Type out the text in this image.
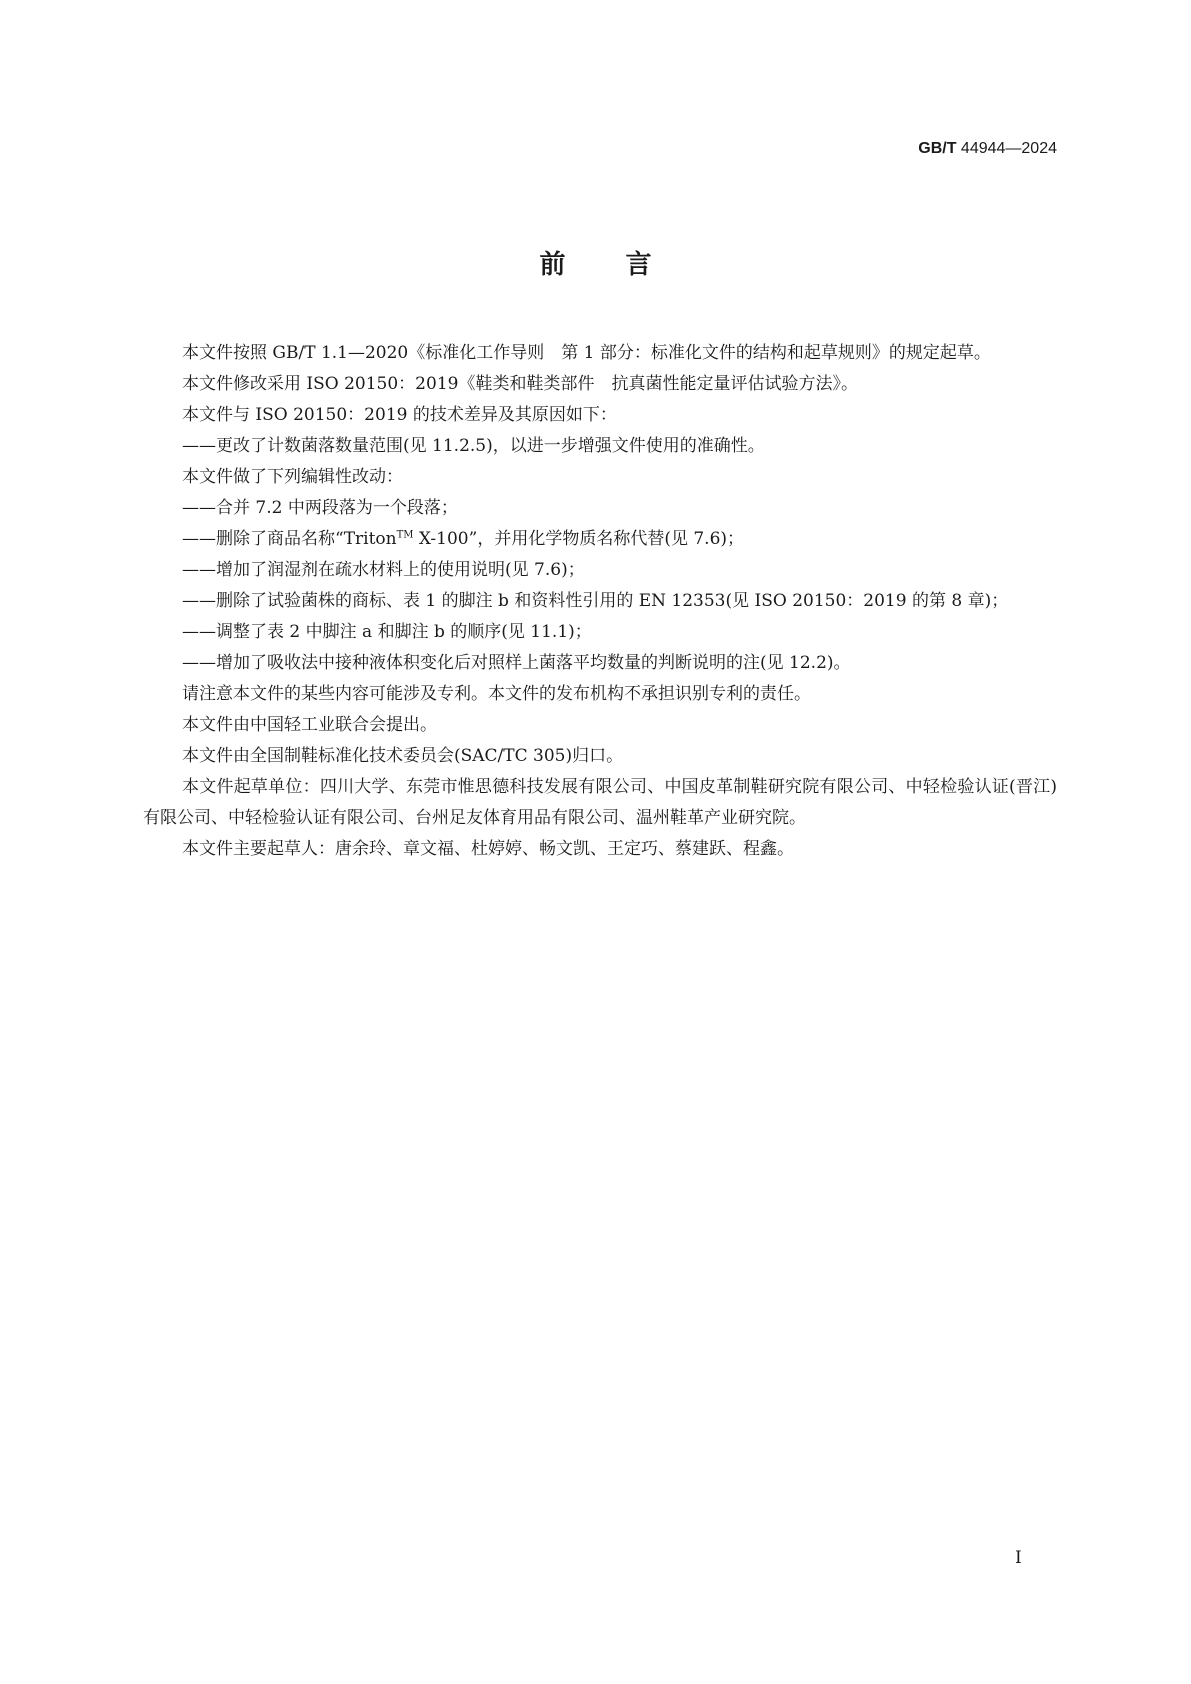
GB/T 44944—2024
前言

本文件按照 GB/T 1.1—2020《标准化工作导则　第 1 部分：标准化文件的结构和起草规则》的规定起草。

本文件修改采用 ISO 20150：2019《鞋类和鞋类部件　抗真菌性能定量评估试验方法》。

本文件与 ISO 20150：2019 的技术差异及其原因如下：

——更改了计数菌落数量范围(见 11.2.5)，以进一步增强文件使用的准确性。

本文件做了下列编辑性改动：

——合并 7.2 中两段落为一个段落；

——删除了商品名称“Triton™ X-100”，并用化学物质名称代替(见 7.6)；

——增加了润湿剂在疏水材料上的使用说明(见 7.6)；

——删除了试验菌株的商标、表 1 的脚注 b 和资料性引用的 EN 12353(见 ISO 20150：2019 的第 8 章)；

——调整了表 2 中脚注 a 和脚注 b 的顺序(见 11.1)；

——增加了吸收法中接种液体积变化后对照样上菌落平均数量的判断说明的注(见 12.2)。

请注意本文件的某些内容可能涉及专利。本文件的发布机构不承担识别专利的责任。

本文件由中国轻工业联合会提出。

本文件由全国制鞋标准化技术委员会(SAC/TC 305)归口。

本文件起草单位：四川大学、东莞市惟思德科技发展有限公司、中国皮革制鞋研究院有限公司、中轻检验认证(晋江)有限公司、中轻检验认证有限公司、台州足友体育用品有限公司、温州鞋革产业研究院。

本文件主要起草人：唐余玲、章文福、杜婷婷、畅文凯、王定巧、蔡建跃、程鑫。

I
